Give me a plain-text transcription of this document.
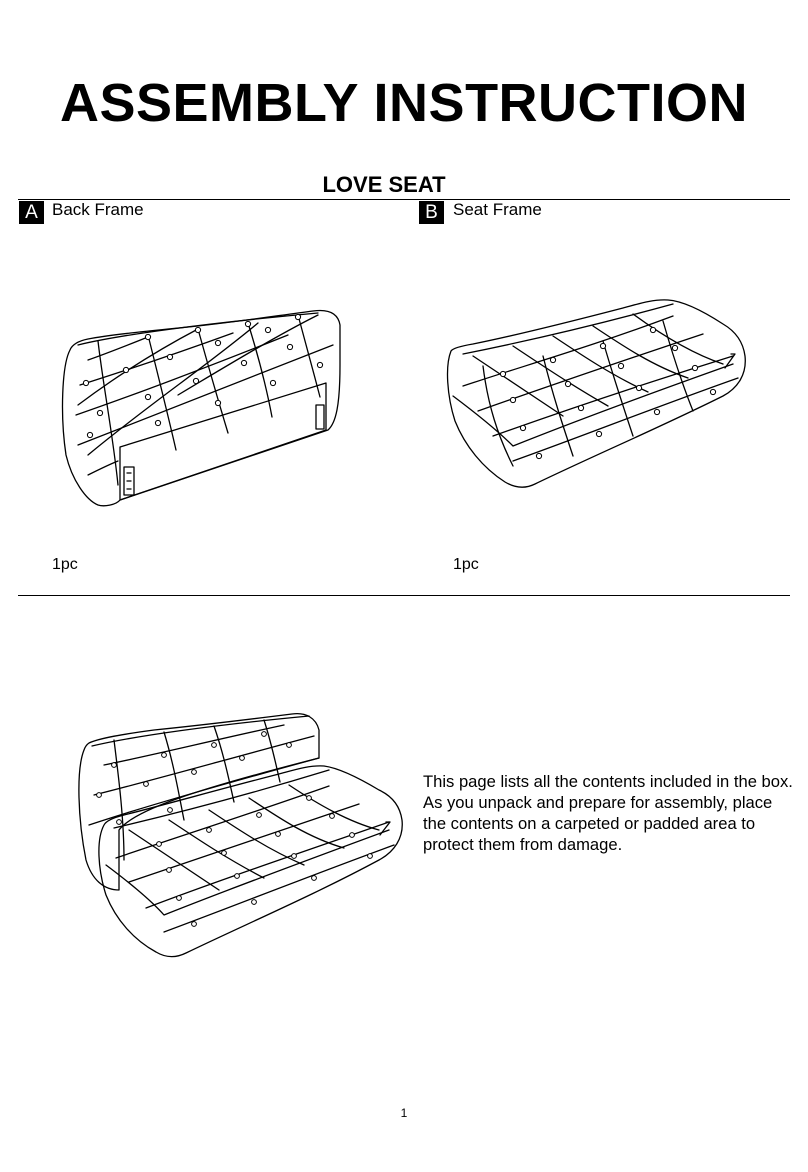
ASSEMBLY INSTRUCTION
LOVE SEAT
A Back Frame
1pc
B Seat Frame
1pc
This page lists all the contents included in the box. As you unpack and prepare for assembly, place the contents on a carpeted or padded area to protect them from damage.
1
